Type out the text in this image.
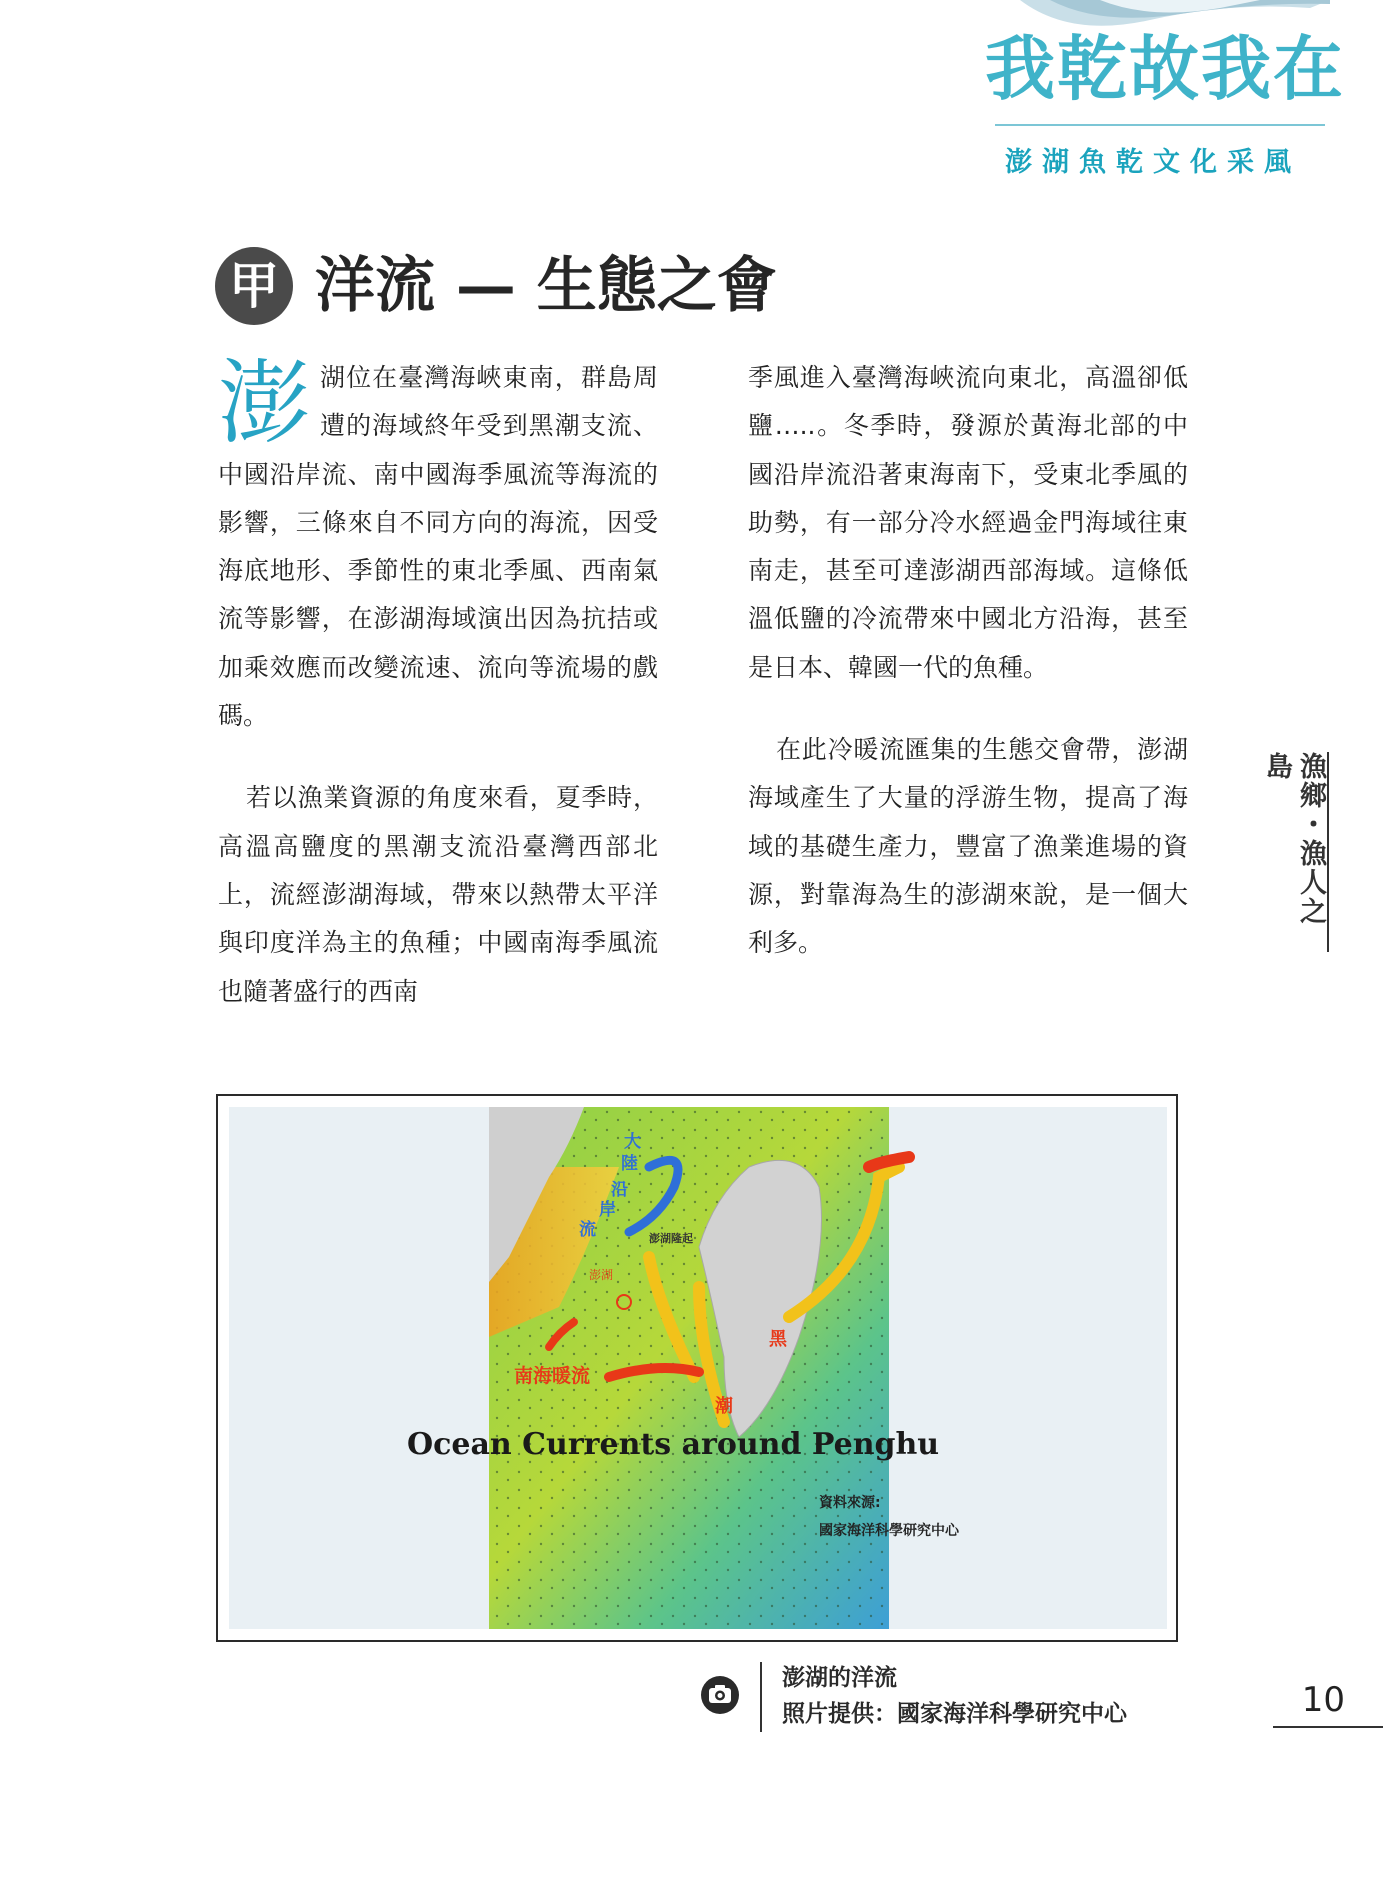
我乾故我在
澎湖魚乾文化采風
甲 洋流 — 生態之會

澎湖位在臺灣海峽東南，群島周遭的海域終年受到黑潮支流、中國沿岸流、南中國海季風流等海流的影響，三條來自不同方向的海流，因受海底地形、季節性的東北季風、西南氣流等影響，在澎湖海域演出因為抗拮或加乘效應而改變流速、流向等流場的戲碼。

若以漁業資源的角度來看，夏季時，高溫高鹽度的黑潮支流沿臺灣西部北上，流經澎湖海域，帶來以熱帶太平洋與印度洋為主的魚種；中國南海季風流也隨著盛行的西南

季風進入臺灣海峽流向東北，高溫卻低鹽…..。冬季時，發源於黃海北部的中國沿岸流沿著東海南下，受東北季風的助勢，有一部分冷水經過金門海域往東南走，甚至可達澎湖西部海域。這條低溫低鹽的冷流帶來中國北方沿海，甚至是日本、韓國一代的魚種。

在此冷暖流匯集的生態交會帶，澎湖海域產生了大量的浮游生物，提高了海域的基礎生產力，豐富了漁業進場的資源，對靠海為生的澎湖來說，是一個大利多。

漁鄉・漁人之島
大
陸
沿
岸
流	澎湖隆起
澎湖
南海暖流
黑
潮
Ocean Currents around Penghu
資料來源:
國家海洋科學研究中心
澎湖的洋流
照片提供：國家海洋科學研究中心	10
